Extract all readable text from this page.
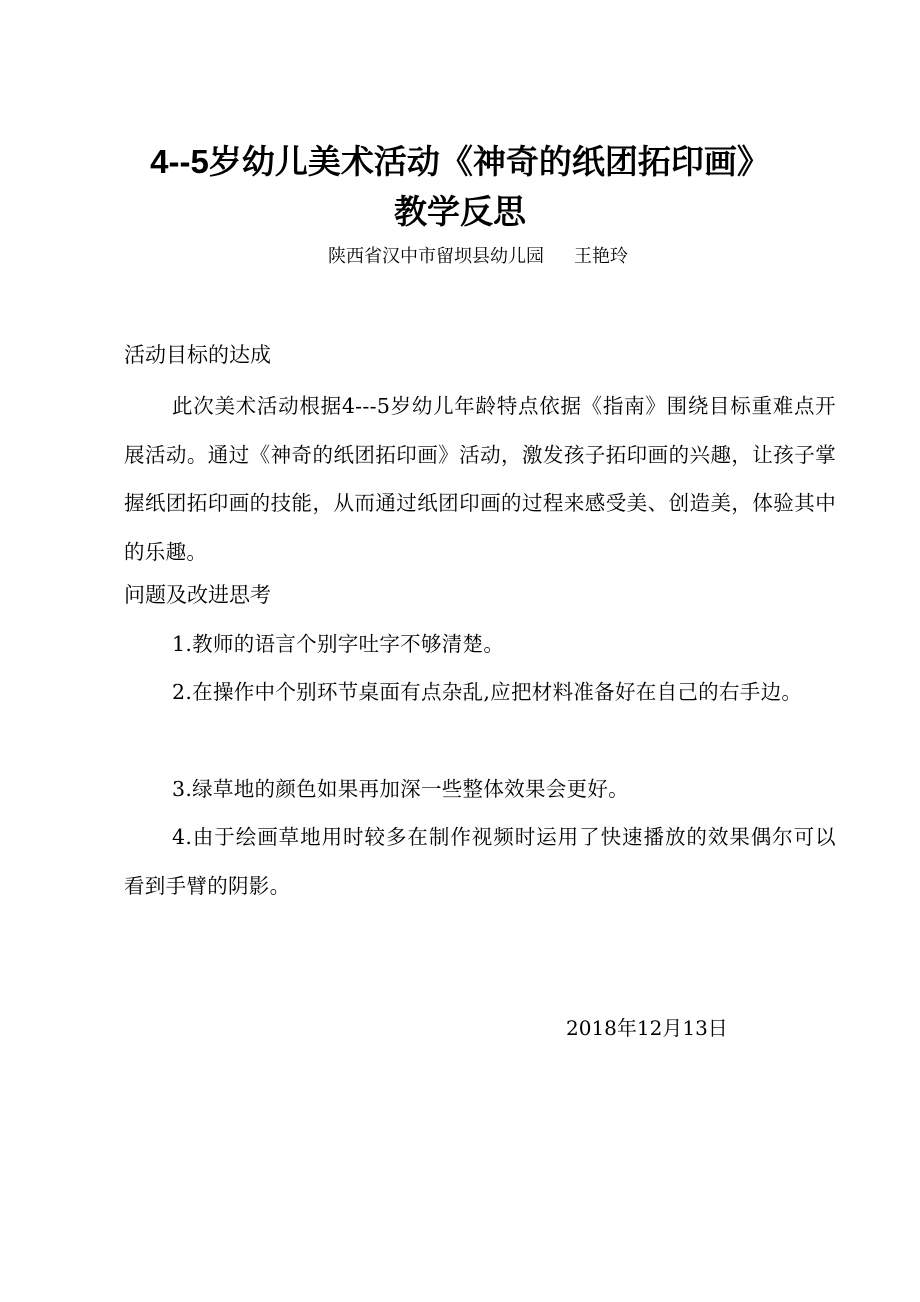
4--5岁幼儿美术活动《神奇的纸团拓印画》
教学反思
陕西省汉中市留坝县幼儿园 王艳玲
活动目标的达成
此次美术活动根据4---5岁幼儿年龄特点依据《指南》围绕目标重难点开展活动。通过《神奇的纸团拓印画》活动，激发孩子拓印画的兴趣，让孩子掌握纸团拓印画的技能，从而通过纸团印画的过程来感受美、创造美，体验其中的乐趣。
问题及改进思考
1.教师的语言个别字吐字不够清楚。
2.在操作中个别环节桌面有点杂乱,应把材料准备好在自己的右手边。
3.绿草地的颜色如果再加深一些整体效果会更好。
4.由于绘画草地用时较多在制作视频时运用了快速播放的效果偶尔可以看到手臂的阴影。
2018年12月13日
